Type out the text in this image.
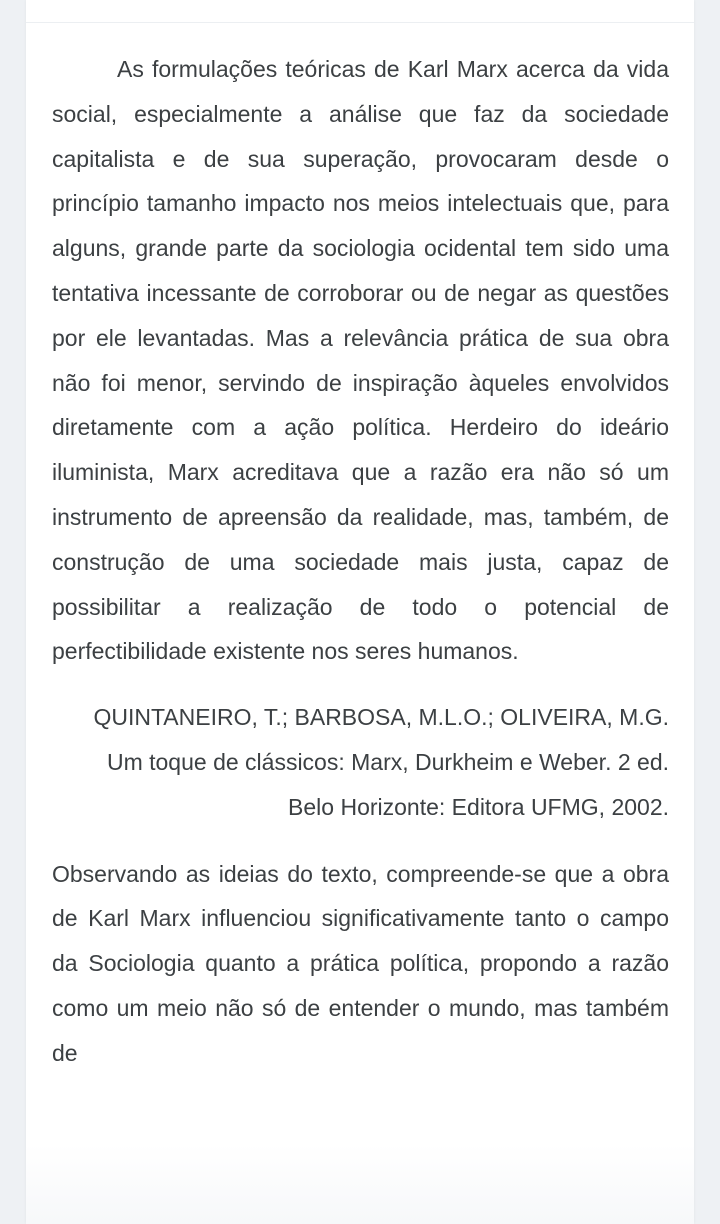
As formulações teóricas de Karl Marx acerca da vida social, especialmente a análise que faz da sociedade capitalista e de sua superação, provocaram desde o princípio tamanho impacto nos meios intelectuais que, para alguns, grande parte da sociologia ocidental tem sido uma tentativa incessante de corroborar ou de negar as questões por ele levantadas. Mas a relevância prática de sua obra não foi menor, servindo de inspiração àqueles envolvidos diretamente com a ação política. Herdeiro do ideário iluminista, Marx acreditava que a razão era não só um instrumento de apreensão da realidade, mas, também, de construção de uma sociedade mais justa, capaz de possibilitar a realização de todo o potencial de perfectibilidade existente nos seres humanos.

QUINTANEIRO, T.; BARBOSA, M.L.O.; OLIVEIRA, M.G.
Um toque de clássicos: Marx, Durkheim e Weber. 2 ed.
Belo Horizonte: Editora UFMG, 2002.

Observando as ideias do texto, compreende-se que a obra de Karl Marx influenciou significativamente tanto o campo da Sociologia quanto a prática política, propondo a razão como um meio não só de entender o mundo, mas também de
